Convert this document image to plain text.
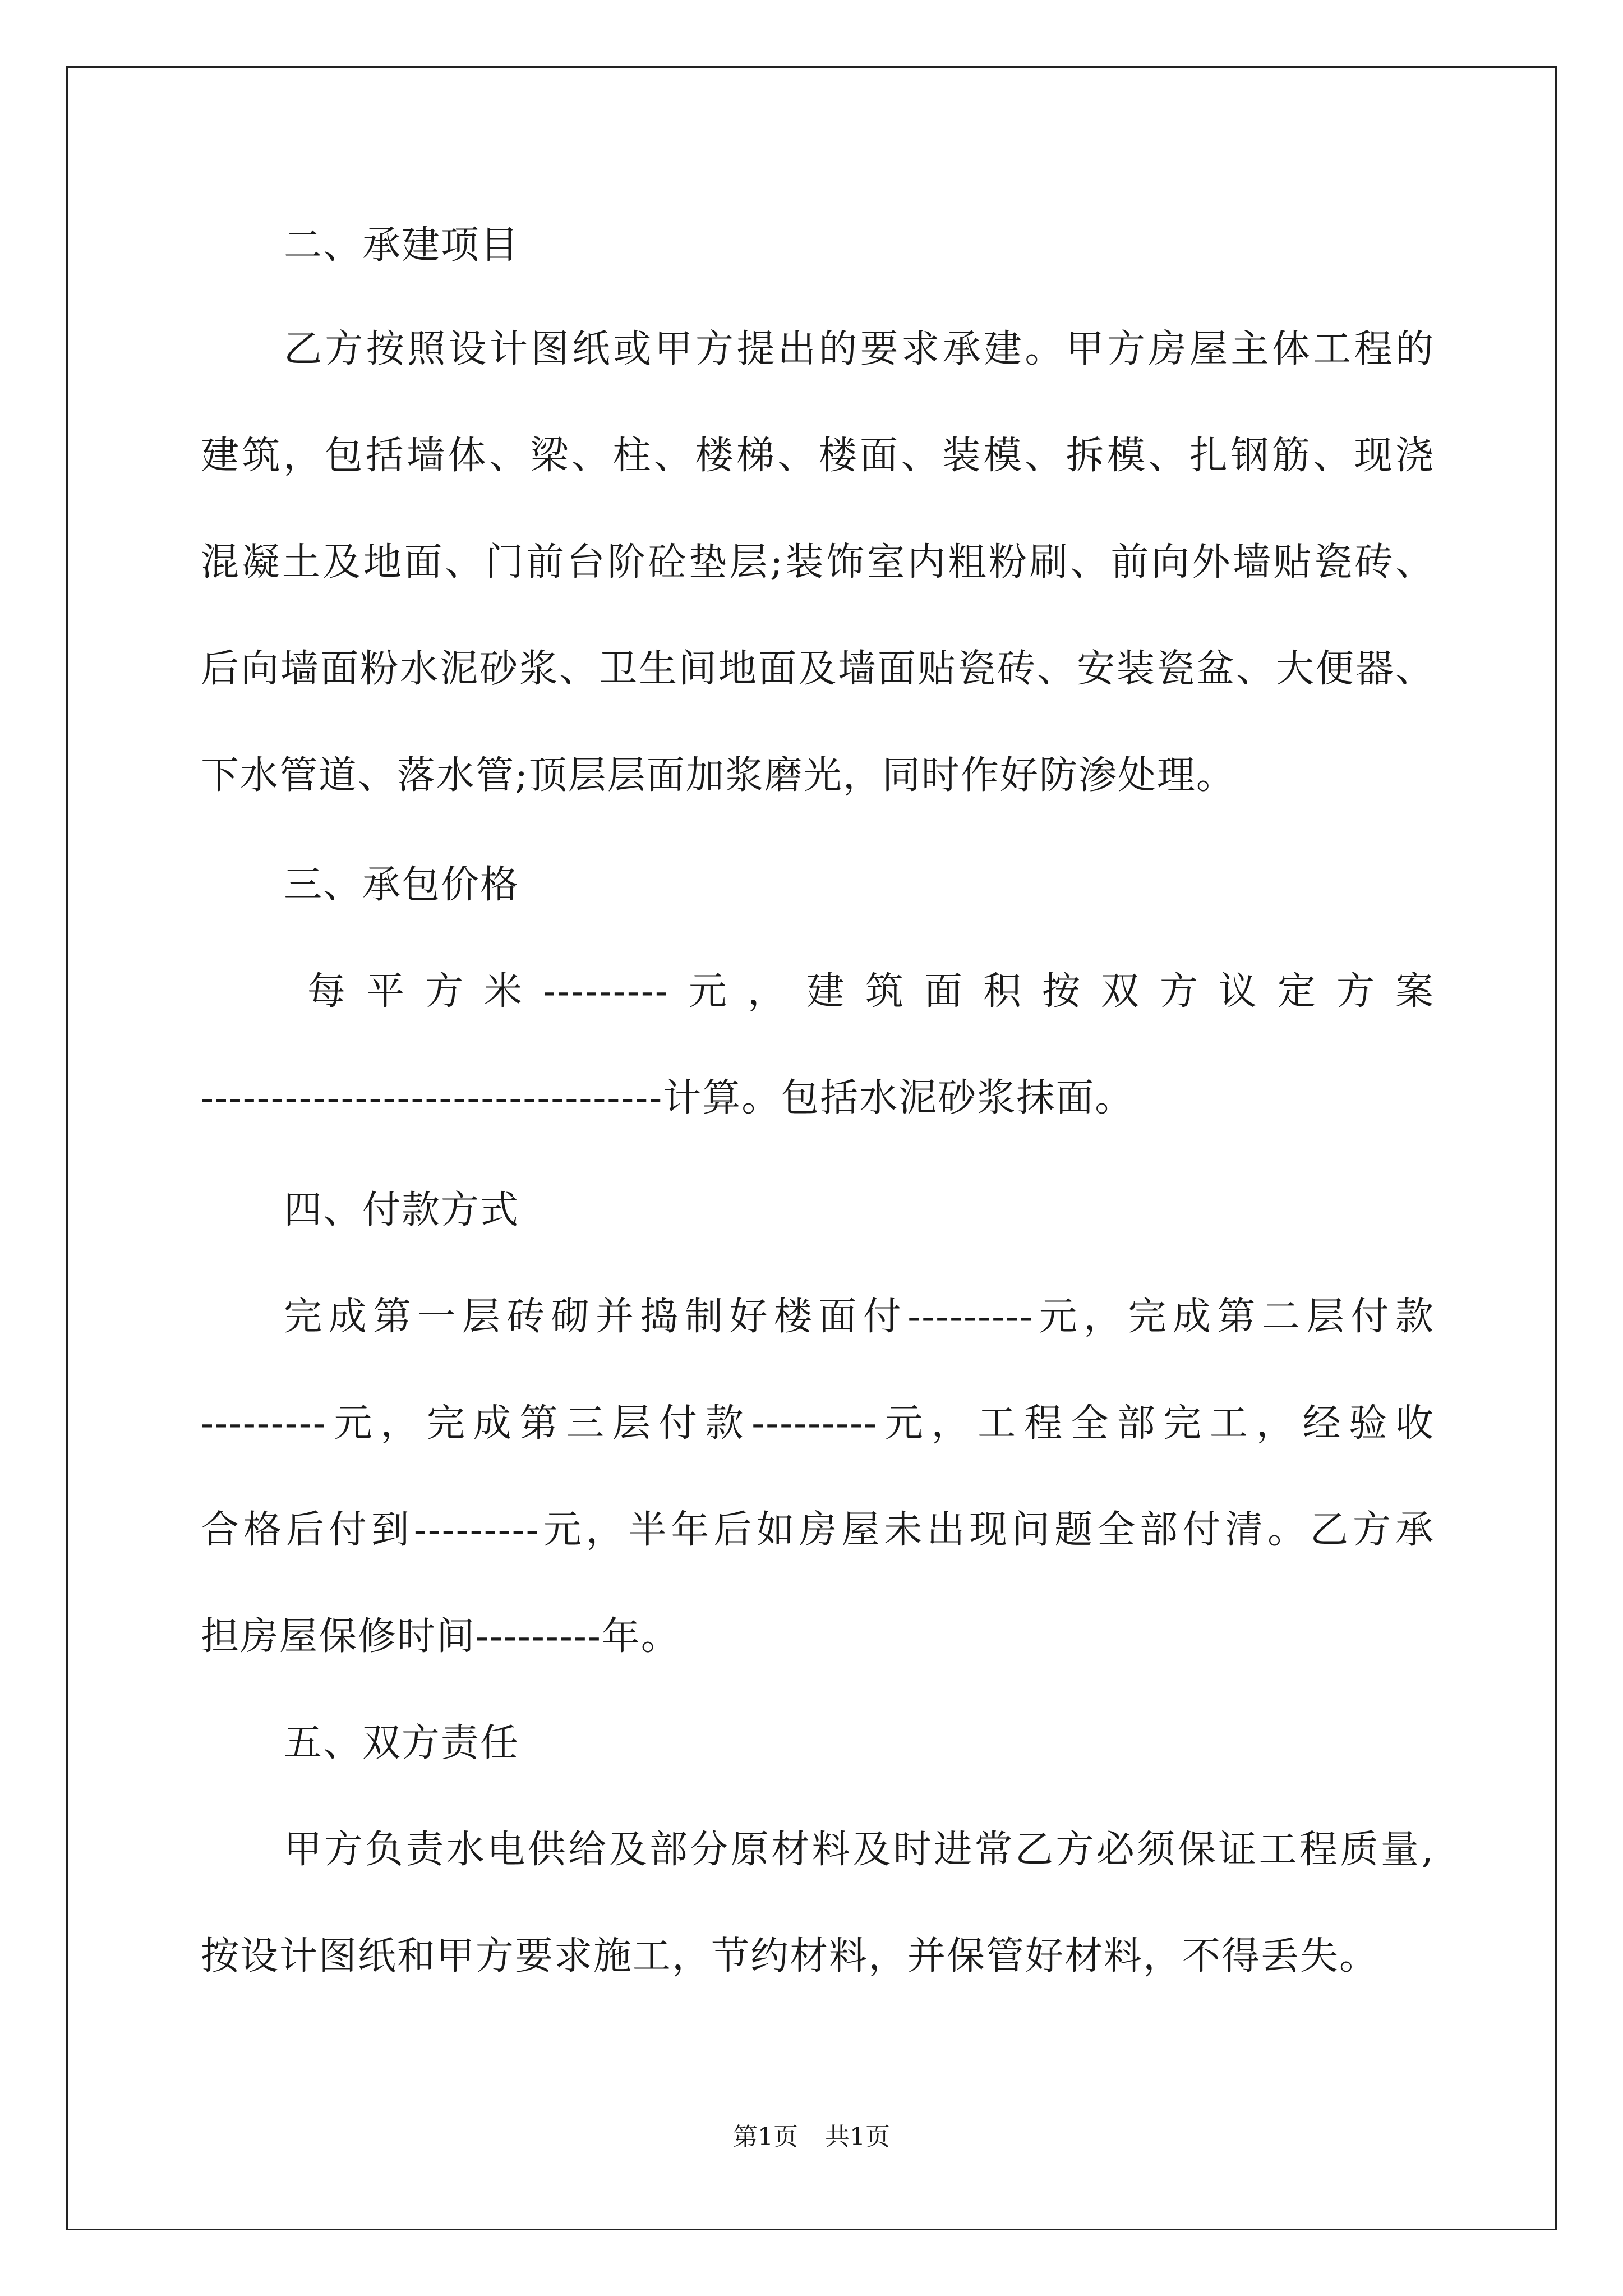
二、承建项目
乙方按照设计图纸或甲方提出的要求承建。甲方房屋主体工程的
建筑，包括墙体、梁、柱、楼梯、楼面、装模、拆模、扎钢筋、现浇
混凝土及地面、门前台阶砼垫层;装饰室内粗粉刷、前向外墙贴瓷砖、
后向墙面粉水泥砂浆、卫生间地面及墙面贴瓷砖、安装瓷盆、大便器、
下水管道、落水管;顶层层面加浆磨光，同时作好防渗处理。
三、承包价格
每平方米---------元，建筑面积按双方议定方案
---------------------------------计算。包括水泥砂浆抹面。
四、付款方式
完成第一层砖砌并捣制好楼面付---------元，完成第二层付款
---------元，完成第三层付款---------元，工程全部完工，经验收
合格后付到---------元，半年后如房屋未出现问题全部付清。乙方承
担房屋保修时间---------年。
五、双方责任
甲方负责水电供给及部分原材料及时进常乙方必须保证工程质量,
按设计图纸和甲方要求施工，节约材料，并保管好材料，不得丢失。
第1页 共1页
